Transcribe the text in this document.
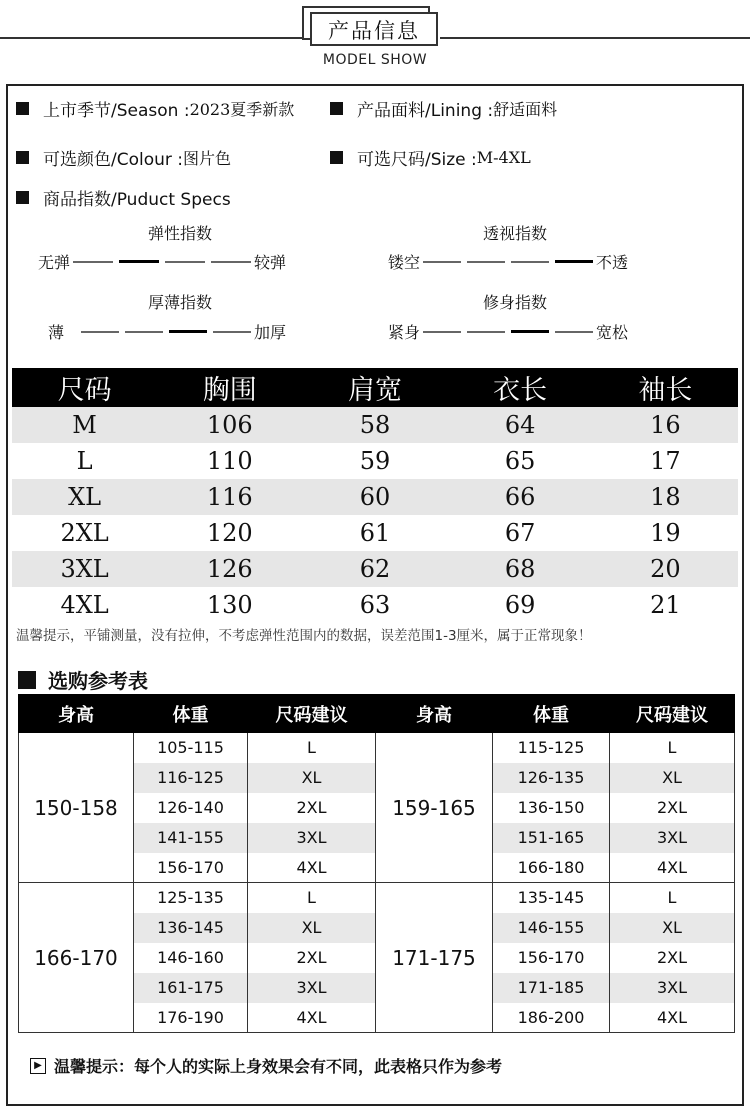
产品信息
MODEL SHOW
上市季节/Season : 2023夏季新款	产品面料/Lining : 舒适面料
可选颜色/Colour : 图片色	可选尺码/Size : M-4XL
商品指数/Puduct Specs
弹性指数
无弹	较弹
透视指数
镂空	不透
厚薄指数
薄	加厚
修身指数
紧身	宽松
尺码	胸围	肩宽	衣长	袖长
M	106	58	64	16
L	110	59	65	17
XL	116	60	66	18
2XL	120	61	67	19
3XL	126	62	68	20
4XL	130	63	69	21
温馨提示，平铺测量，没有拉伸，不考虑弹性范围内的数据，误差范围1-3厘米，属于正常现象！
选购参考表
身高	体重	尺码建议	身高	体重	尺码建议
150-158	105-115	L	159-165	115-125	L
	116-125	XL		126-135	XL
	126-140	2XL		136-150	2XL
	141-155	3XL		151-165	3XL
	156-170	4XL		166-180	4XL
166-170	125-135	L	171-175	135-145	L
	136-145	XL		146-155	XL
	146-160	2XL		156-170	2XL
	161-175	3XL		171-185	3XL
	176-190	4XL		186-200	4XL
▶ 温馨提示：每个人的实际上身效果会有不同，此表格只作为参考
